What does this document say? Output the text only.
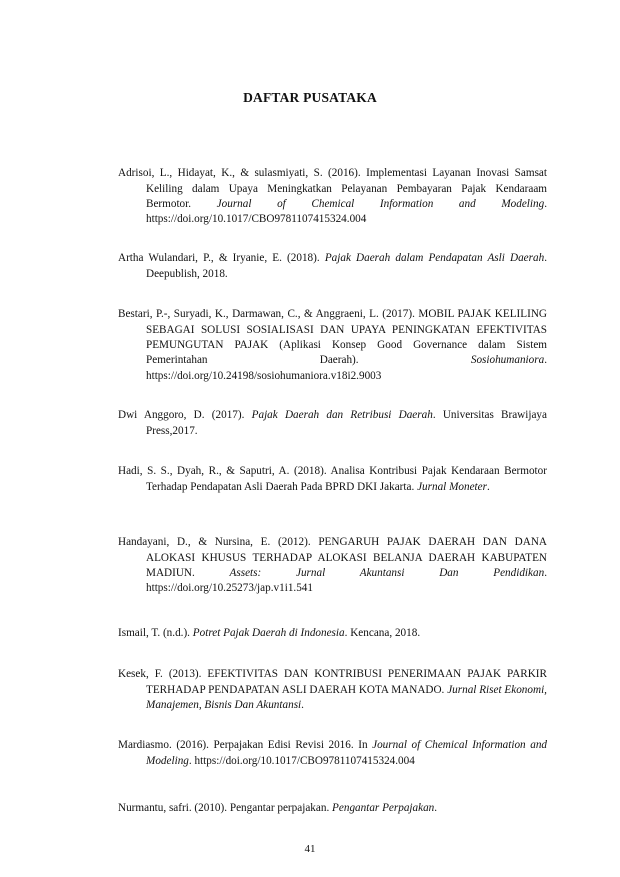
DAFTAR PUSATAKA

Adrisoi, L., Hidayat, K., & sulasmiyati, S. (2016). Implementasi Layanan Inovasi Samsat Keliling dalam Upaya Meningkatkan Pelayanan Pembayaran Pajak Kendaraam Bermotor. Journal of Chemical Information and Modeling. https://doi.org/10.1017/CBO9781107415324.004

Artha Wulandari, P., & Iryanie, E. (2018). Pajak Daerah dalam Pendapatan Asli Daerah. Deepublish, 2018.

Bestari, P.-, Suryadi, K., Darmawan, C., & Anggraeni, L. (2017). MOBIL PAJAK KELILING SEBAGAI SOLUSI SOSIALISASI DAN UPAYA PENINGKATAN EFEKTIVITAS PEMUNGUTAN PAJAK (Aplikasi Konsep Good Governance dalam Sistem Pemerintahan Daerah). Sosiohumaniora. https://doi.org/10.24198/sosiohumaniora.v18i2.9003

Dwi Anggoro, D. (2017). Pajak Daerah dan Retribusi Daerah. Universitas Brawijaya Press,2017.

Hadi, S. S., Dyah, R., & Saputri, A. (2018). Analisa Kontribusi Pajak Kendaraan Bermotor Terhadap Pendapatan Asli Daerah Pada BPRD DKI Jakarta. Jurnal Moneter.

Handayani, D., & Nursina, E. (2012). PENGARUH PAJAK DAERAH DAN DANA ALOKASI KHUSUS TERHADAP ALOKASI BELANJA DAERAH KABUPATEN MADIUN. Assets: Jurnal Akuntansi Dan Pendidikan. https://doi.org/10.25273/jap.v1i1.541

Ismail, T. (n.d.). Potret Pajak Daerah di Indonesia. Kencana, 2018.

Kesek, F. (2013). EFEKTIVITAS DAN KONTRIBUSI PENERIMAAN PAJAK PARKIR TERHADAP PENDAPATAN ASLI DAERAH KOTA MANADO. Jurnal Riset Ekonomi, Manajemen, Bisnis Dan Akuntansi.

Mardiasmo. (2016). Perpajakan Edisi Revisi 2016. In Journal of Chemical Information and Modeling. https://doi.org/10.1017/CBO9781107415324.004

Nurmantu, safri. (2010). Pengantar perpajakan. Pengantar Perpajakan.

41
